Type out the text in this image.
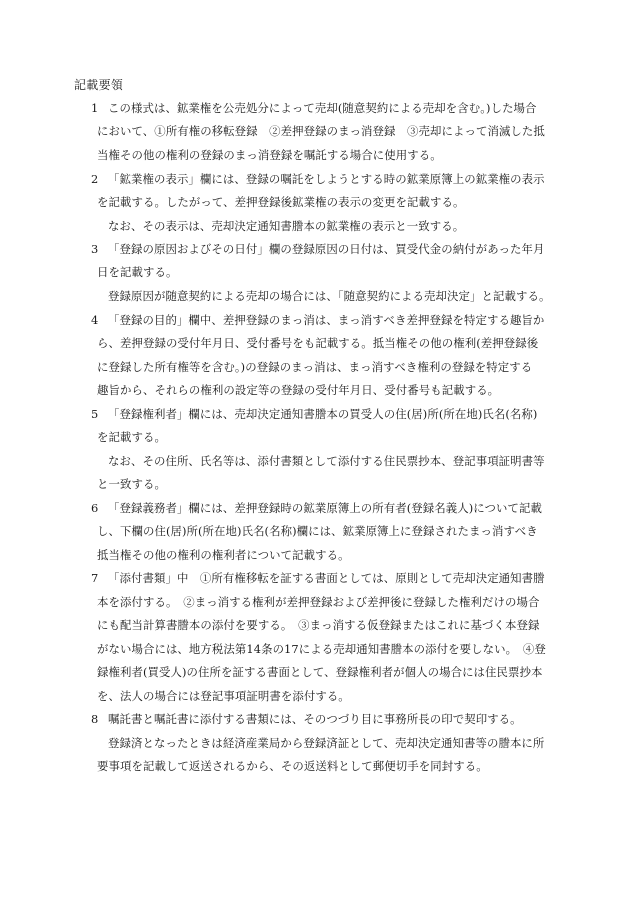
記載要領
1 この様式は、鉱業権を公売処分によって売却(随意契約による売却を含む。)した場合
において、①所有権の移転登録　②差押登録のまっ消登録　③売却によって消滅した抵
当権その他の権利の登録のまっ消登録を嘱託する場合に使用する。
2 「鉱業権の表示」欄には、登録の嘱託をしようとする時の鉱業原簿上の鉱業権の表示
を記載する。したがって、差押登録後鉱業権の表示の変更を記載する。
なお、その表示は、売却決定通知書謄本の鉱業権の表示と一致する。
3 「登録の原因およびその日付」欄の登録原因の日付は、買受代金の納付があった年月
日を記載する。
登録原因が随意契約による売却の場合には、「随意契約による売却決定」と記載する。
4 「登録の目的」欄中、差押登録のまっ消は、まっ消すべき差押登録を特定する趣旨か
ら、差押登録の受付年月日、受付番号をも記載する。抵当権その他の権利(差押登録後
に登録した所有権等を含む。)の登録のまっ消は、まっ消すべき権利の登録を特定する
趣旨から、それらの権利の設定等の登録の受付年月日、受付番号も記載する。
5 「登録権利者」欄には、売却決定通知書謄本の買受人の住(居)所(所在地)氏名(名称)
を記載する。
なお、その住所、氏名等は、添付書類として添付する住民票抄本、登記事項証明書等
と一致する。
6 「登録義務者」欄には、差押登録時の鉱業原簿上の所有者(登録名義人)について記載
し、下欄の住(居)所(所在地)氏名(名称)欄には、鉱業原簿上に登録されたまっ消すべき
抵当権その他の権利の権利者について記載する。
7 「添付書類」中　①所有権移転を証する書面としては、原則として売却決定通知書謄
本を添付する。　②まっ消する権利が差押登録および差押後に登録した権利だけの場合
にも配当計算書謄本の添付を要する。　③まっ消する仮登録またはこれに基づく本登録
がない場合には、地方税法第14条の17による売却通知書謄本の添付を要しない。　④登
録権利者(買受人)の住所を証する書面として、登録権利者が個人の場合には住民票抄本
を、法人の場合には登記事項証明書を添付する。
8 嘱託書と嘱託書に添付する書類には、そのつづり目に事務所長の印で契印する。
登録済となったときは経済産業局から登録済証として、売却決定通知書等の謄本に所
要事項を記載して返送されるから、その返送料として郵便切手を同封する。
